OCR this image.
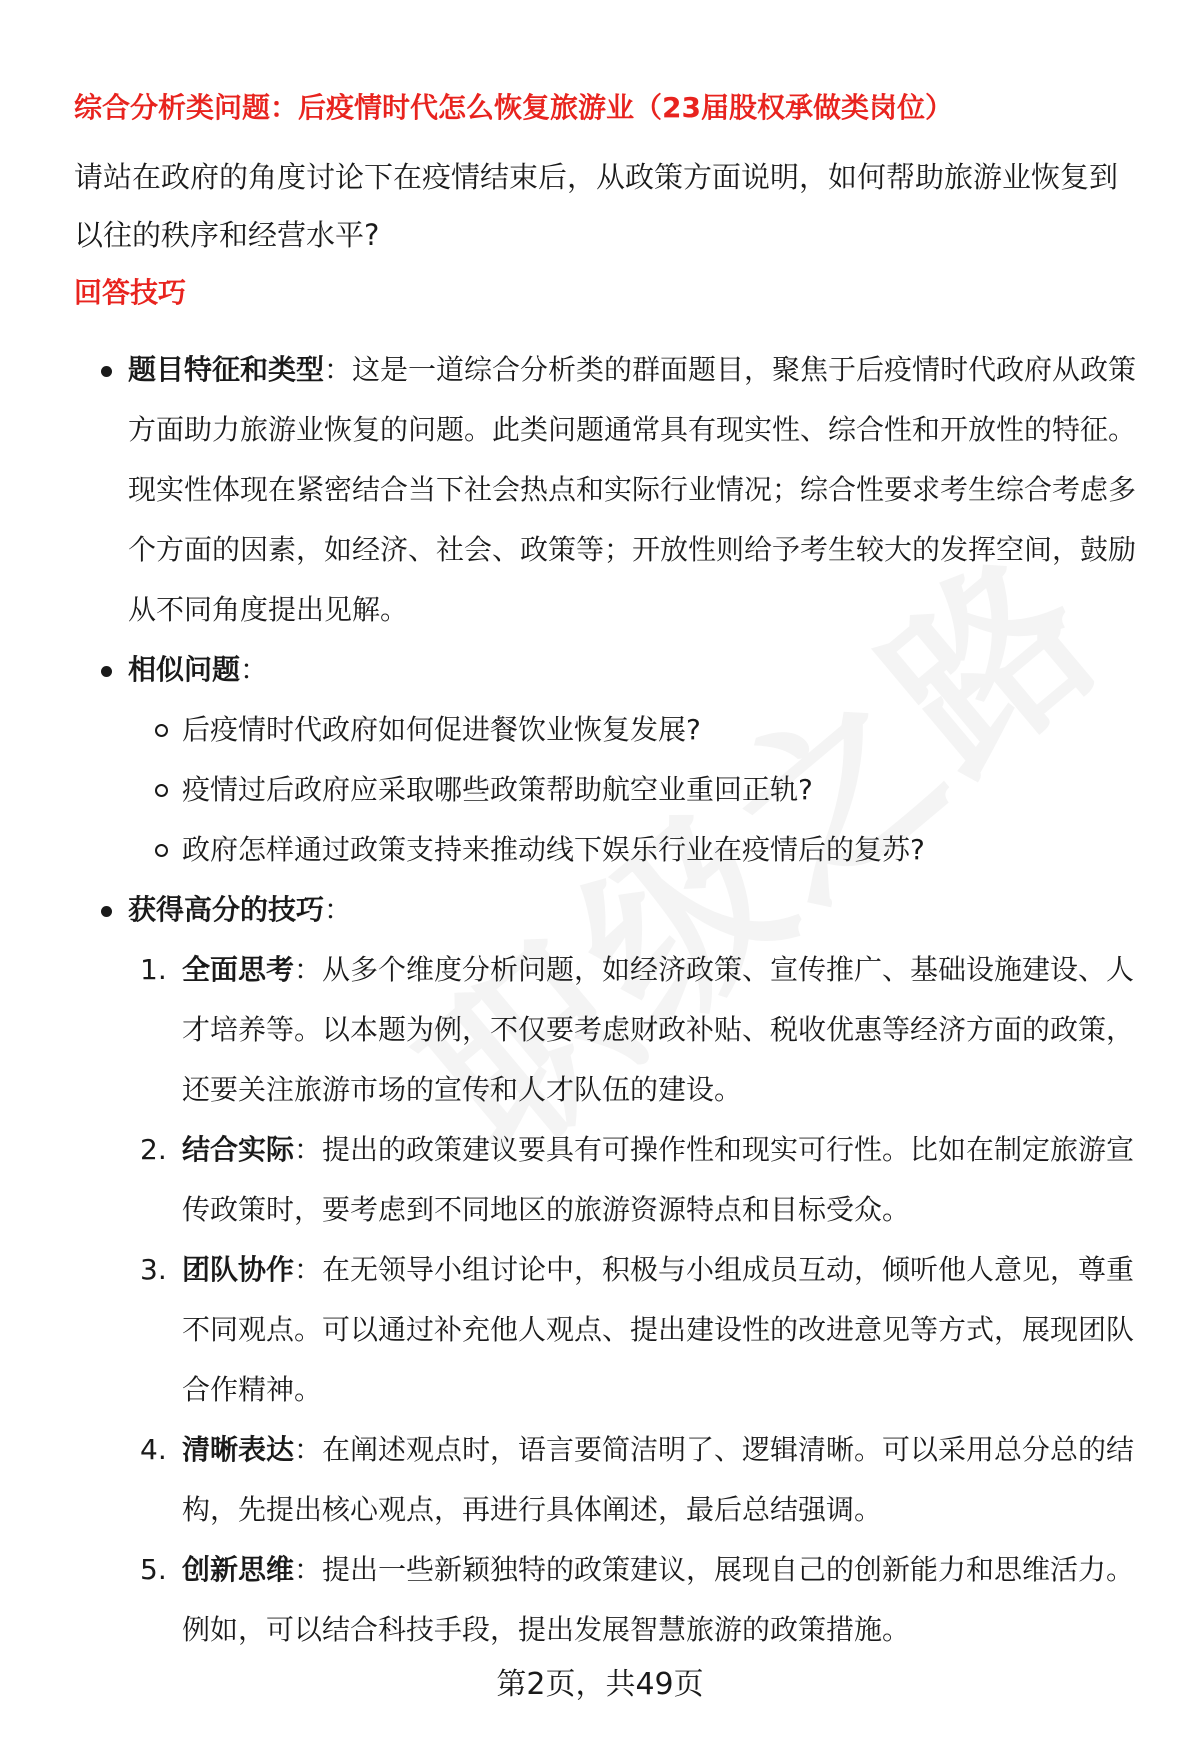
综合分析类问题：后疫情时代怎么恢复旅游业（23届股权承做类岗位）

请站在政府的角度讨论下在疫情结束后，从政策方面说明，如何帮助旅游业恢复到以往的秩序和经营水平?

回答技巧
题目特征和类型：这是一道综合分析类的群面题目，聚焦于后疫情时代政府从政策方面助力旅游业恢复的问题。此类问题通常具有现实性、综合性和开放性的特征。现实性体现在紧密结合当下社会热点和实际行业情况；综合性要求考生综合考虑多个方面的因素，如经济、社会、政策等；开放性则给予考生较大的发挥空间，鼓励从不同角度提出见解。
相似问题：
后疫情时代政府如何促进餐饮业恢复发展?
疫情过后政府应采取哪些政策帮助航空业重回正轨?
政府怎样通过政策支持来推动线下娱乐行业在疫情后的复苏?
获得高分的技巧：
1. 全面思考：从多个维度分析问题，如经济政策、宣传推广、基础设施建设、人才培养等。以本题为例，不仅要考虑财政补贴、税收优惠等经济方面的政策，还要关注旅游市场的宣传和人才队伍的建设。
2. 结合实际：提出的政策建议要具有可操作性和现实可行性。比如在制定旅游宣传政策时，要考虑到不同地区的旅游资源特点和目标受众。
3. 团队协作：在无领导小组讨论中，积极与小组成员互动，倾听他人意见，尊重不同观点。可以通过补充他人观点、提出建设性的改进意见等方式，展现团队合作精神。
4. 清晰表达：在阐述观点时，语言要简洁明了、逻辑清晰。可以采用总分总的结构，先提出核心观点，再进行具体阐述，最后总结强调。
5. 创新思维：提出一些新颖独特的政策建议，展现自己的创新能力和思维活力。例如，可以结合科技手段，提出发展智慧旅游的政策措施。
第2页，共49页
